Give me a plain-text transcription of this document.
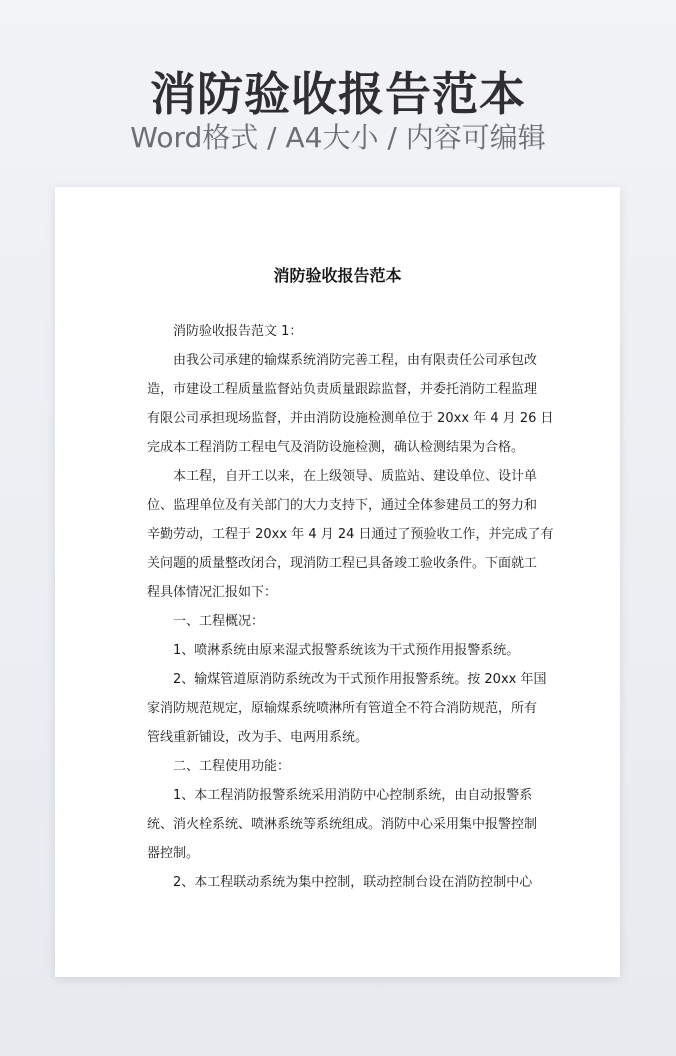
消防验收报告范本
Word格式 / A4大小 / 内容可编辑
消防验收报告范本
消防验收报告范文 1：
由我公司承建的输煤系统消防完善工程，由有限责任公司承包改
造，市建设工程质量监督站负责质量跟踪监督，并委托消防工程监理
有限公司承担现场监督，并由消防设施检测单位于 20xx 年 4 月 26 日
完成本工程消防工程电气及消防设施检测，确认检测结果为合格。
本工程，自开工以来，在上级领导、质监站、建设单位、设计单
位、监理单位及有关部门的大力支持下，通过全体参建员工的努力和
辛勤劳动，工程于 20xx 年 4 月 24 日通过了预验收工作，并完成了有
关问题的质量整改闭合，现消防工程已具备竣工验收条件。下面就工
程具体情况汇报如下：
一、工程概况：
1、喷淋系统由原来湿式报警系统该为干式预作用报警系统。
2、输煤管道原消防系统改为干式预作用报警系统。按 20xx 年国
家消防规范规定，原输煤系统喷淋所有管道全不符合消防规范，所有
管线重新铺设，改为手、电两用系统。
二、工程使用功能：
1、本工程消防报警系统采用消防中心控制系统，由自动报警系
统、消火栓系统、喷淋系统等系统组成。消防中心采用集中报警控制
器控制。
2、本工程联动系统为集中控制，联动控制台设在消防控制中心
